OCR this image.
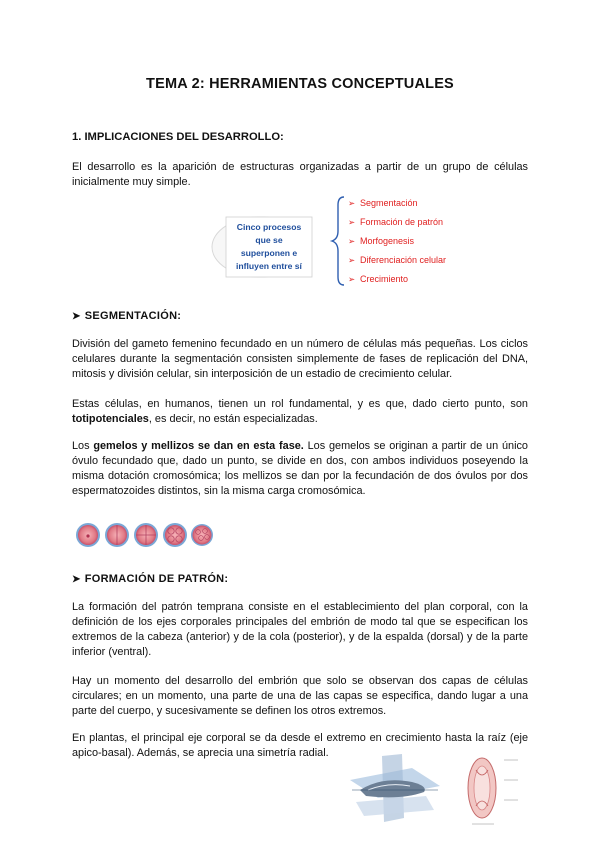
TEMA 2: HERRAMIENTAS CONCEPTUALES
1. IMPLICACIONES DEL DESARROLLO:
El desarrollo es la aparición de estructuras organizadas a partir de un grupo de células inicialmente muy simple.
Cinco procesos
que se
superponen e
influyen entre sí
➢ Segmentación
➢ Formación de patrón
➢ Morfogenesis
➢ Diferenciación celular
➢ Crecimiento
➤ SEGMENTACIÓN:
División del gameto femenino fecundado en un número de células más pequeñas. Los ciclos celulares durante la segmentación consisten simplemente de fases de replicación del DNA, mitosis y división celular, sin interposición de un estadio de crecimiento celular.
Estas células, en humanos, tienen un rol fundamental, y es que, dado cierto punto, son totipotenciales, es decir, no están especializadas.
Los gemelos y mellizos se dan en esta fase. Los gemelos se originan a partir de un único óvulo fecundado que, dado un punto, se divide en dos, con ambos individuos poseyendo la misma dotación cromosómica; los mellizos se dan por la fecundación de dos óvulos por dos espermatozoides distintos, sin la misma carga cromosómica.
➤ FORMACIÓN DE PATRÓN:
La formación del patrón temprana consiste en el establecimiento del plan corporal, con la definición de los ejes corporales principales del embrión de modo tal que se especifican los extremos de la cabeza (anterior) y de la cola (posterior), y de la espalda (dorsal) y de la parte inferior (ventral).
Hay un momento del desarrollo del embrión que solo se observan dos capas de células circulares; en un momento, una parte de una de las capas se especifica, dando lugar a una parte del cuerpo, y sucesivamente se definen los otros extremos.
En plantas, el principal eje corporal se da desde el extremo en crecimiento hasta la raíz (eje apico-basal). Además, se aprecia una simetría radial.
